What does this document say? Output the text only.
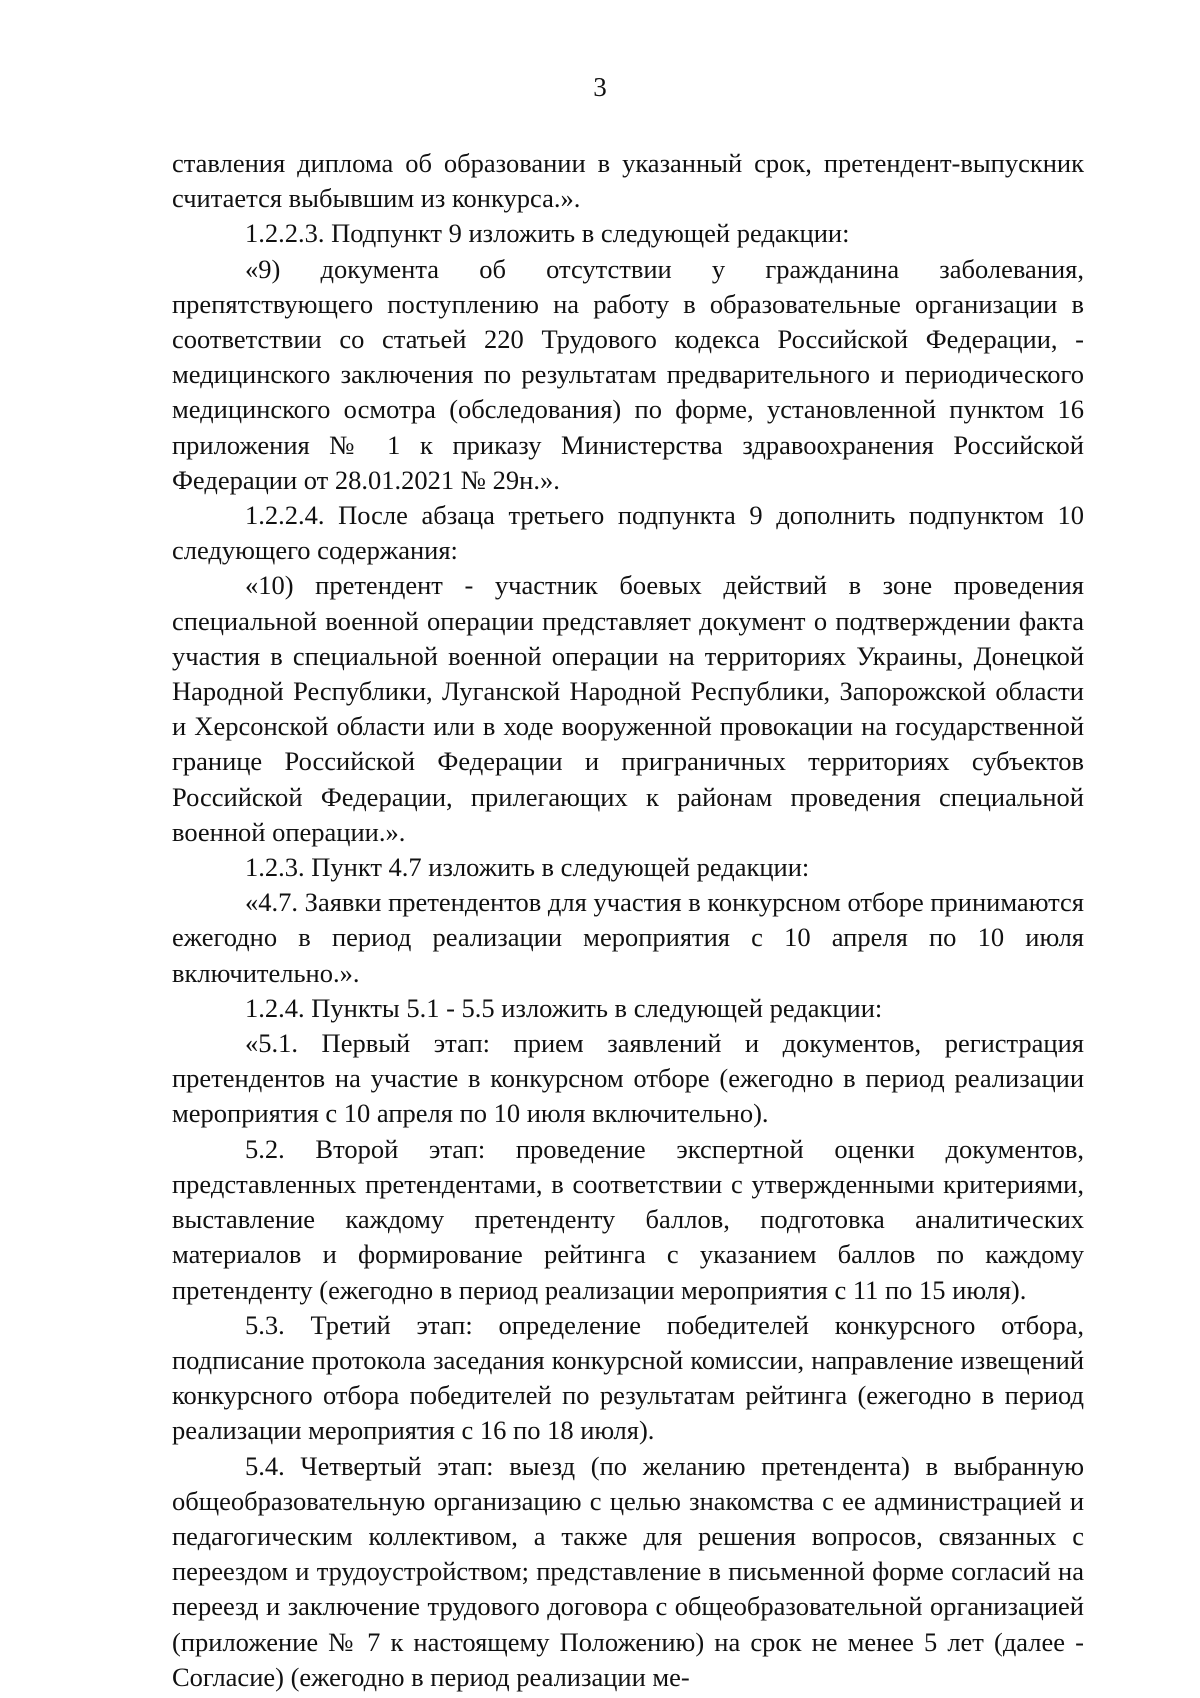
3

ставления диплома об образовании в указанный срок, претендент-выпускник считается выбывшим из конкурса.».

1.2.2.3. Подпункт 9 изложить в следующей редакции:

«9) документа об отсутствии у гражданина заболевания, препятствующего поступлению на работу в образовательные организации в соответствии со статьей 220 Трудового кодекса Российской Федерации, - медицинского заключения по результатам предварительного и периодического медицинского осмотра (обследования) по форме, установленной пунктом 16 приложения № 1 к приказу Министерства здравоохранения Российской Федерации от 28.01.2021 № 29н.».

1.2.2.4. После абзаца третьего подпункта 9 дополнить подпунктом 10 следующего содержания:

«10) претендент - участник боевых действий в зоне проведения специальной военной операции представляет документ о подтверждении факта участия в специальной военной операции на территориях Украины, Донецкой Народной Республики, Луганской Народной Республики, Запорожской области и Херсонской области или в ходе вооруженной провокации на государственной границе Российской Федерации и приграничных территориях субъектов Российской Федерации, прилегающих к районам проведения специальной военной операции.».

1.2.3. Пункт 4.7 изложить в следующей редакции:

«4.7. Заявки претендентов для участия в конкурсном отборе принимаются ежегодно в период реализации мероприятия с 10 апреля по 10 июля включительно.».

1.2.4. Пункты 5.1 - 5.5 изложить в следующей редакции:

«5.1. Первый этап: прием заявлений и документов, регистрация претендентов на участие в конкурсном отборе (ежегодно в период реализации мероприятия с 10 апреля по 10 июля включительно).

5.2. Второй этап: проведение экспертной оценки документов, представленных претендентами, в соответствии с утвержденными критериями, выставление каждому претенденту баллов, подготовка аналитических материалов и формирование рейтинга с указанием баллов по каждому претенденту (ежегодно в период реализации мероприятия с 11 по 15 июля).

5.3. Третий этап: определение победителей конкурсного отбора, подписание протокола заседания конкурсной комиссии, направление извещений конкурсного отбора победителей по результатам рейтинга (ежегодно в период реализации мероприятия с 16 по 18 июля).

5.4. Четвертый этап: выезд (по желанию претендента) в выбранную общеобразовательную организацию с целью знакомства с ее администрацией и педагогическим коллективом, а также для решения вопросов, связанных с переездом и трудоустройством; представление в письменной форме согласий на переезд и заключение трудового договора с общеобразовательной организацией (приложение № 7 к настоящему Положению) на срок не менее 5 лет (далее - Согласие) (ежегодно в период реализации ме-
